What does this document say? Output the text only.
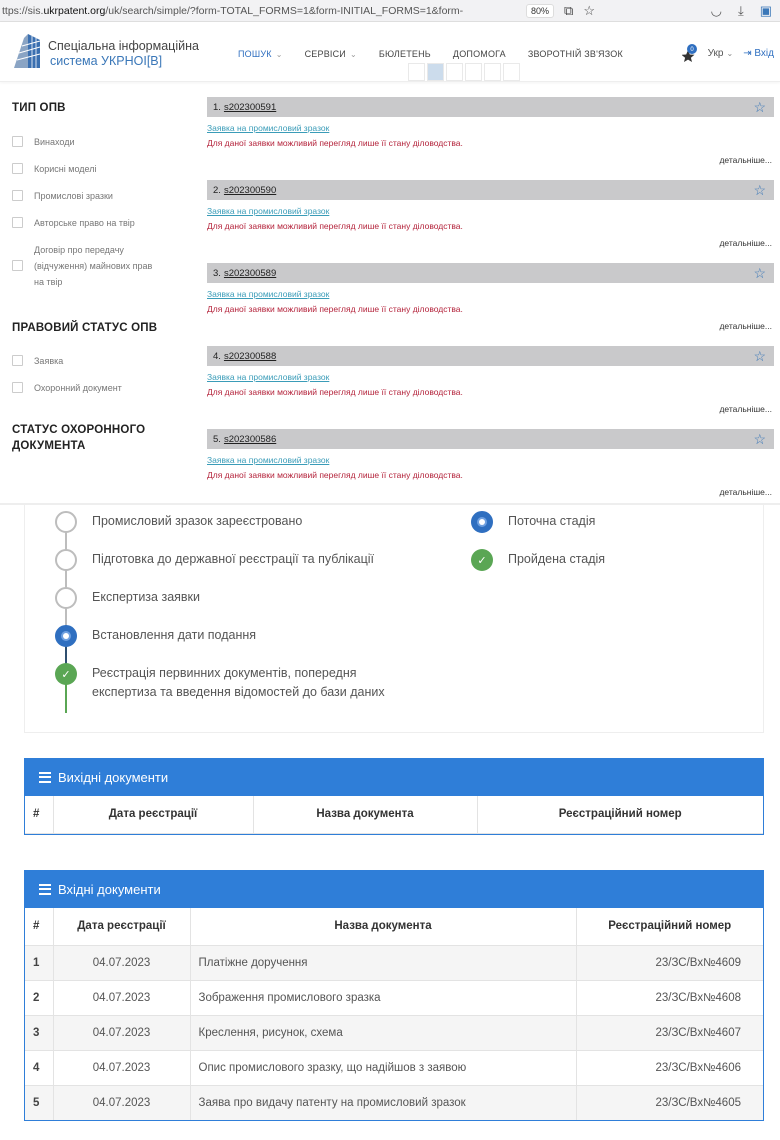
ttps://sis.ukrpatent.org/uk/search/simple/?form-TOTAL_FORMS=1&form-INITIAL_FORMS=1&form-	80%	⧉ ☆	◡ ⤓ ▣
Спеціальна інформаційна
система УКРНОІ[В]	ПОШУК ⌄ СЕРВІСИ ⌄ БЮЛЕТЕНЬ ДОПОМОГА ЗВОРОТНІЙ ЗВ'ЯЗОК	0 Укр ⌄ ⇥ Вхід
ТИП ОПВ
Винаходи
Корисні моделі
Промислові зразки
Авторське право на твір
Договір про передачу (відчуження) майнових прав на твір
ПРАВОВИЙ СТАТУС ОПВ
Заявка
Охоронний документ
СТАТУС ОХОРОННОГО ДОКУМЕНТА
1. s202300591	☆
Заявка на промисловий зразок
Для даної заявки можливий перегляд лише її стану діловодства.
детальніше...
2. s202300590	☆
Заявка на промисловий зразок
Для даної заявки можливий перегляд лише її стану діловодства.
детальніше...
3. s202300589	☆
Заявка на промисловий зразок
Для даної заявки можливий перегляд лише її стану діловодства.
детальніше...
4. s202300588	☆
Заявка на промисловий зразок
Для даної заявки можливий перегляд лише її стану діловодства.
детальніше...
5. s202300586	☆
Заявка на промисловий зразок
Для даної заявки можливий перегляд лише її стану діловодства.
детальніше...
Промисловий зразок зареєстровано
Підготовка до державної реєстрації та публікації
Експертиза заявки
Встановлення дати подання
✓	Реєстрація первинних документів, попередня експертиза та введення відомостей до бази даних
Поточна стадія
✓	Пройдена стадія
Вихідні документи
#	Дата реєстрації	Назва документа	Реєстраційний номер
Вхідні документи
#	Дата реєстрації	Назва документа	Реєстраційний номер
1	04.07.2023	Платіжне доручення	23/ЗС/Вх№4609
2	04.07.2023	Зображення промислового зразка	23/ЗС/Вх№4608
3	04.07.2023	Креслення, рисунок, схема	23/ЗС/Вх№4607
4	04.07.2023	Опис промислового зразку, що надійшов з заявою	23/ЗС/Вх№4606
5	04.07.2023	Заява про видачу патенту на промисловий зразок	23/ЗС/Вх№4605
